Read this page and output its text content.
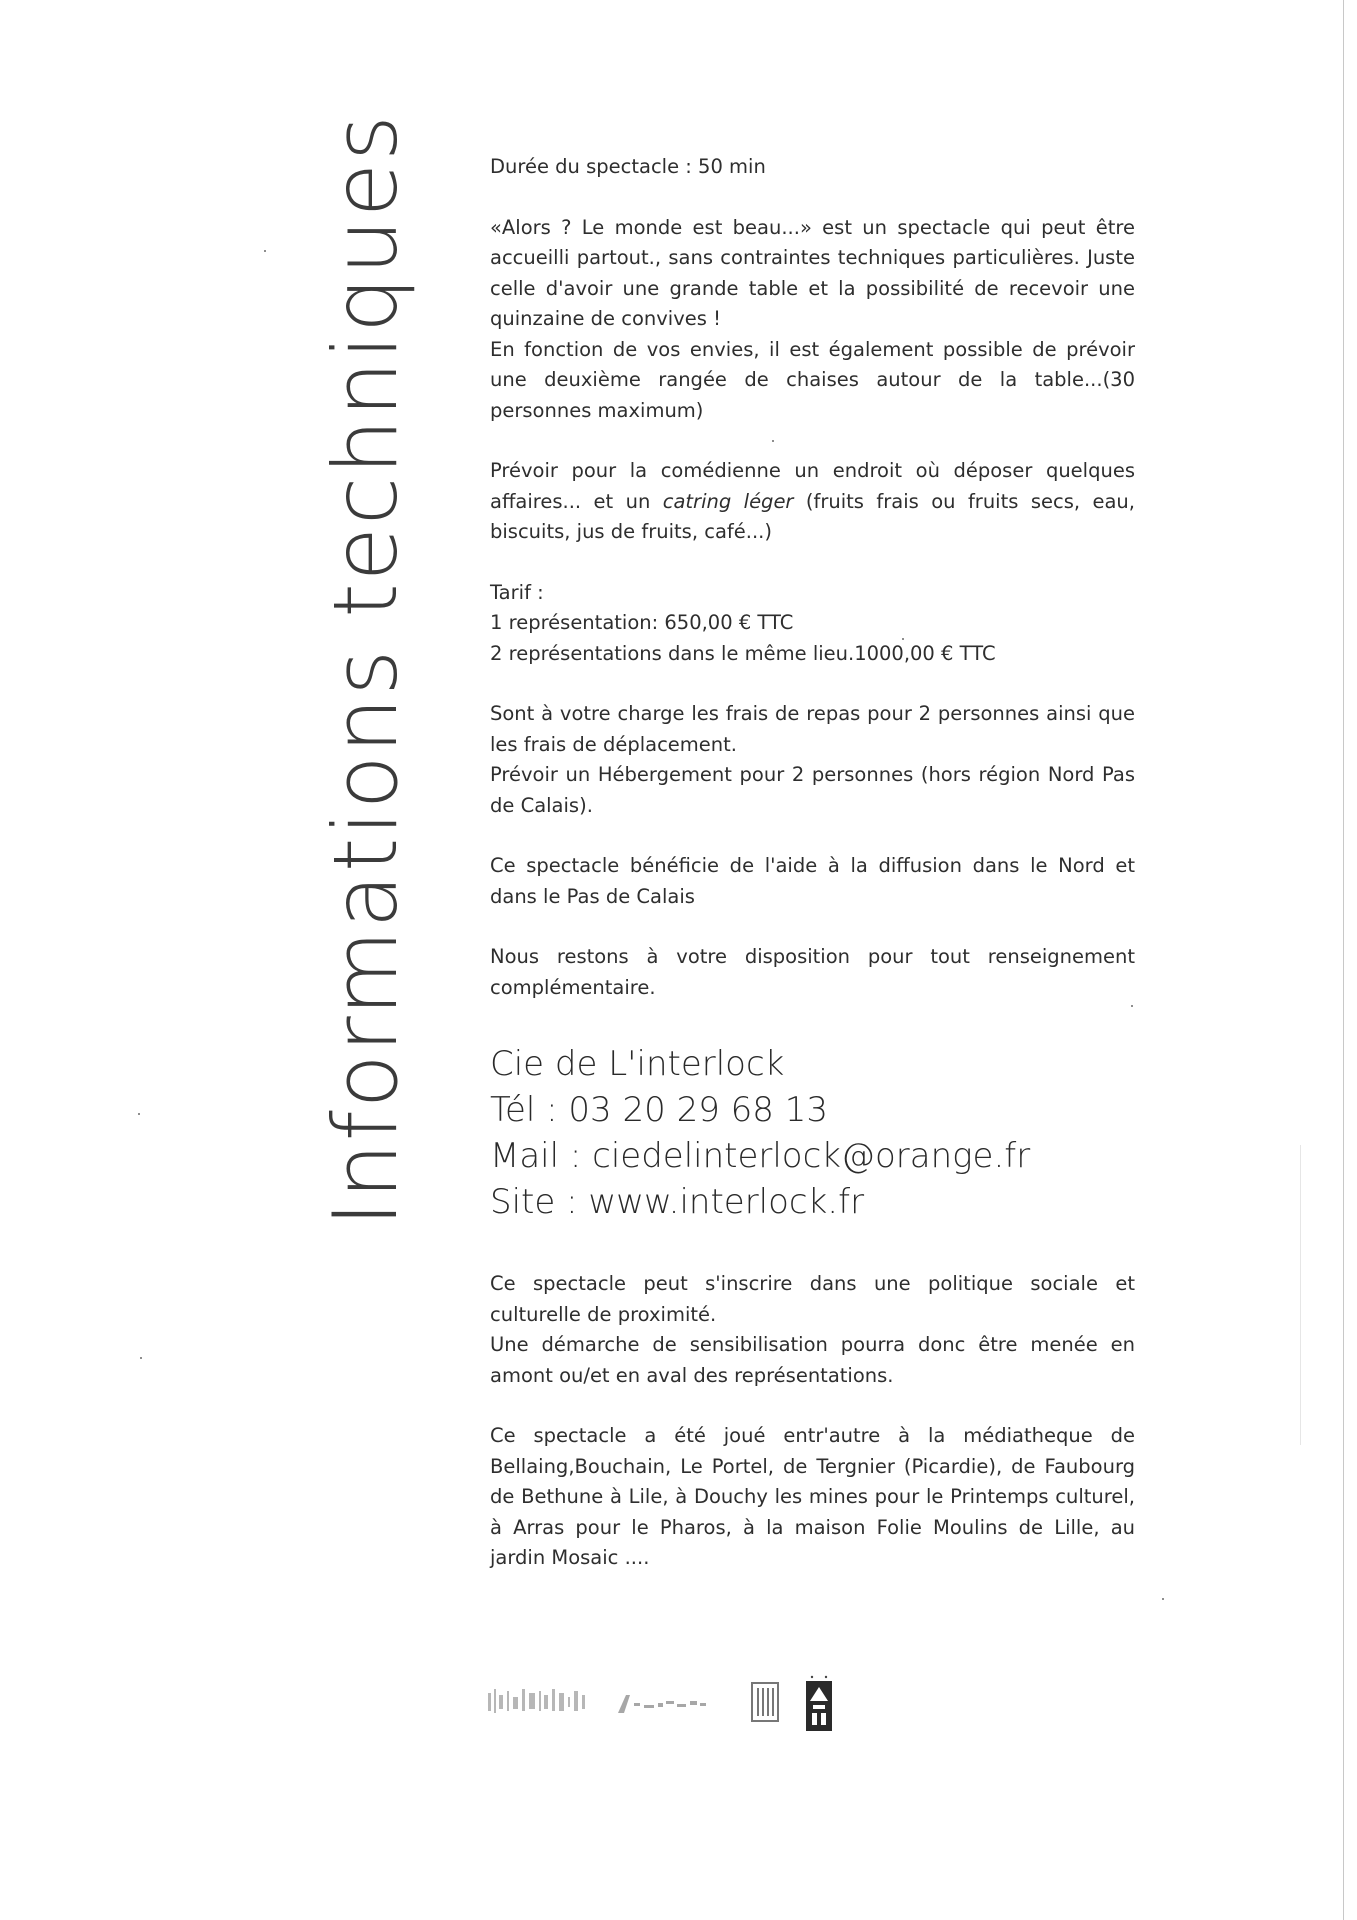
Informations techniques	Durée du spectacle : 50 min

«Alors ? Le monde est beau...» est un spectacle qui peut être accueilli partout., sans contraintes techniques particulières. Juste celle d'avoir une grande table et la possibilité de recevoir une quinzaine de convives !

En fonction de vos envies, il est également possible de prévoir une deuxième rangée de chaises autour de la table...(30 personnes maximum)

Prévoir pour la comédienne un endroit où déposer quelques affaires... et un catring léger (fruits frais ou fruits secs, eau, biscuits, jus de fruits, café...)

Tarif :

1 représentation: 650,00 € TTC

2 représentations dans le même lieu.1000,00 € TTC

Sont à votre charge les frais de repas pour 2 personnes ainsi que les frais de déplacement.

Prévoir un Hébergement pour 2 personnes (hors région Nord Pas de Calais).

Ce spectacle bénéficie de l'aide à la diffusion dans le Nord et dans le Pas de Calais

Nous restons à votre disposition pour tout renseignement complémentaire.

Cie de L'interlock
Tél : 03 20 29 68 13
Mail : ciedelinterlock@orange.fr
Site : www.interlock.fr

Ce spectacle peut s'inscrire dans une politique sociale et culturelle de proximité.

Une démarche de sensibilisation pourra donc être menée en amont ou/et en aval des représentations.

Ce spectacle a été joué entr'autre à la médiatheque de Bellaing,Bouchain, Le Portel, de Tergnier (Picardie), de Faubourg de Bethune à Lile, à Douchy les mines pour le Printemps culturel, à Arras pour le Pharos, à la maison Folie Moulins de Lille, au jardin Mosaic ....
